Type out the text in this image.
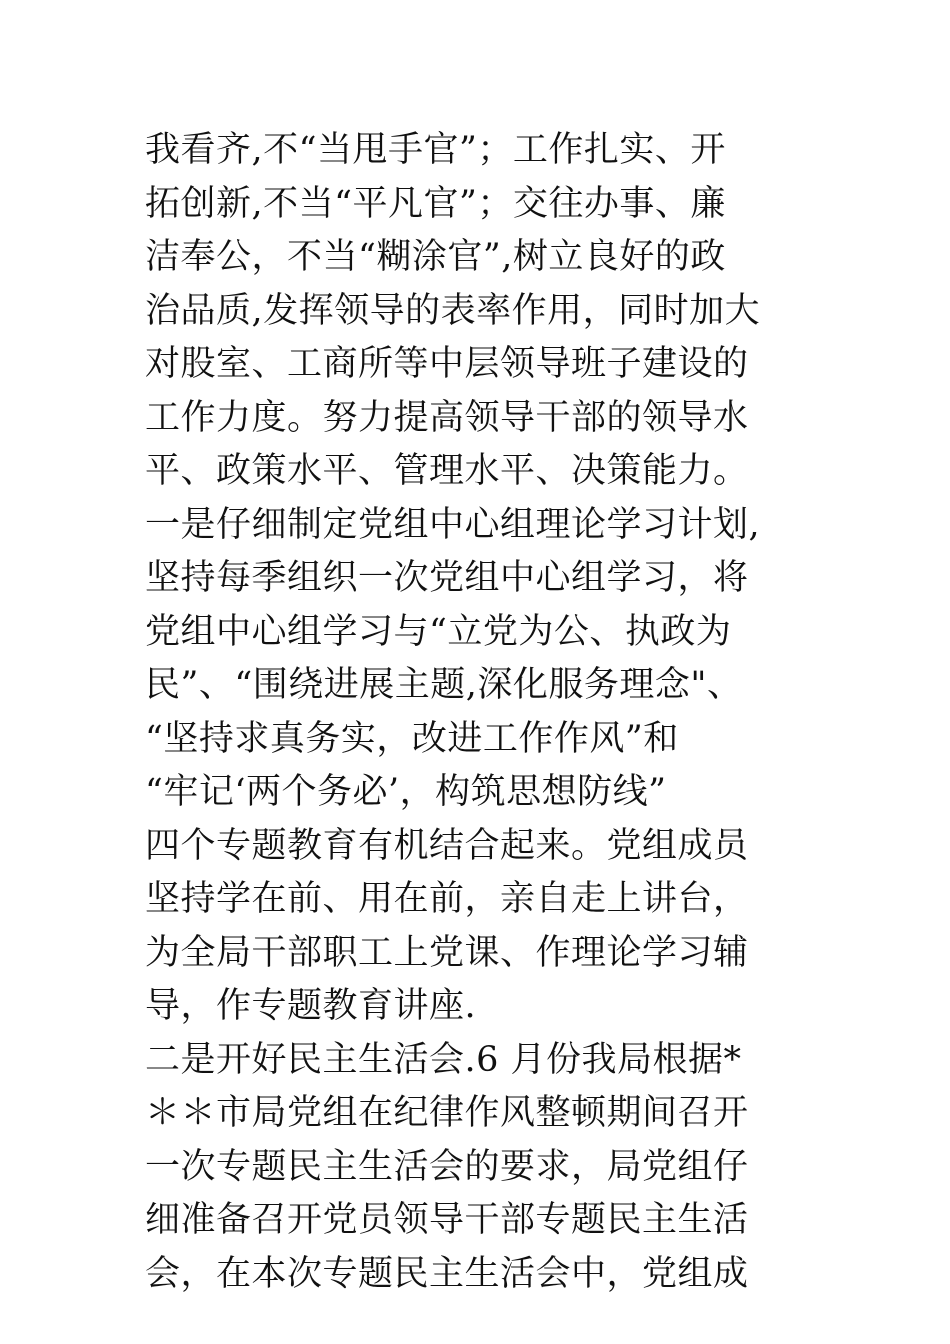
我看齐,不“当甩手官”；工作扎实、开
拓创新,不当“平凡官”；交往办事、廉
洁奉公，不当“糊涂官”,树立良好的政
治品质,发挥领导的表率作用，同时加大
对股室、工商所等中层领导班子建设的
工作力度。努力提高领导干部的领导水
平、政策水平、管理水平、决策能力。
一是仔细制定党组中心组理论学习计划,
坚持每季组织一次党组中心组学习，将
党组中心组学习与“立党为公、执政为
民”、“围绕进展主题,深化服务理念"、
“坚持求真务实，改进工作作风”和
“牢记‘两个务必’，构筑思想防线”
四个专题教育有机结合起来。党组成员
坚持学在前、用在前，亲自走上讲台，
为全局干部职工上党课、作理论学习辅
导，作专题教育讲座.
二是开好民主生活会.6 月份我局根据*
＊＊市局党组在纪律作风整顿期间召开
一次专题民主生活会的要求，局党组仔
细准备召开党员领导干部专题民主生活
会，在本次专题民主生活会中，党组成
